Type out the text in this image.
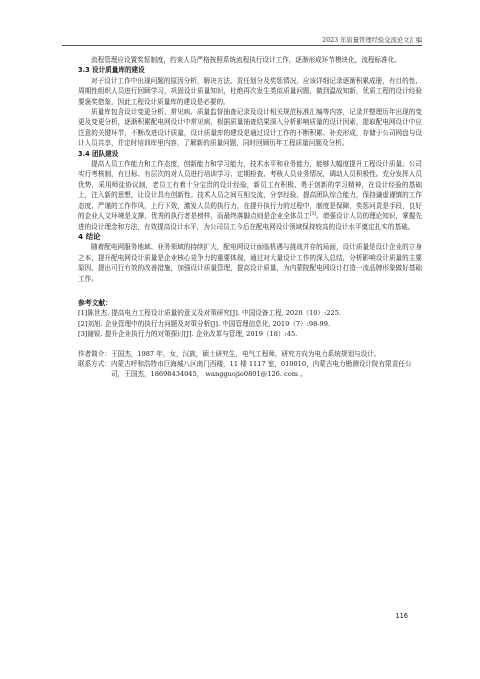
2023 年质量管理经验交流论文汇编

流程管理应设置奖惩制度，约束人员严格按照系统流程执行设计工作，逐渐形成环节模块化，流程标准化。

3.3 设计质量库的建设

对于设计工作中出现问题的原因分析，解决方法、责任划分及奖惩情况，应该详细记录逐渐积累成册，有目的性、周期性组织人员进行回顾学习，巩固设计质量知识，杜绝再次发生类似质量问题，做到温故知新，优质工程的设计经验要褒奖借鉴，因此工程设计质量库的建设是必要的。

质量库包含设计变更分析、常见病、质量监督抽查记录及设计相关规范标准汇编等内容，记录并整理历年出现的变更及变更分析，逐渐积累配电网设计中常见病，根据质量抽查结果深入分析影响质量的设计因素，提取配电网设计中应注意的关键环节，不断改进设计质量，设计质量库的建设是通过设计工作的不断积累、补充形成，存储于公司网盘与设计人员共享，并定时培训库里内容，了解新的质量问题，同时回顾历年工程质量问题及分析。

3.4 团队建设

提高人员工作能力和工作态度，创新能力和学习能力，技术水平和业务能力，能够大幅度提升工程设计质量。公司实行考核制，有目标、有层次的对人员进行培训学习、定期检查、考核人员业务情况，调动人员积极性。充分发挥人员优势，采用师徒协议制，老员工有着十分宝贵的设计经验，新员工有积极、勇于创新的学习精神，在设计经验的基础上，注入新的思想，让设计具有创新性。技术人员之间互相交流，分享经验，提高团队综合能力，保持谦虚谨慎的工作态度、严谨的工作作风，上行下效，激发人员的执行力，在提升执行力的过程中，制度是保障，奖惩问责是手段，良好的企业人文环境是支撑，优秀的执行者是榜样，而最终落脚点则是企业全体员工[3]。增强设计人员的理论知识，掌握先进的设计理念和方法，有效提高设计水平，为公司员工今后在配电网设计领域保持较高的设计水平奠定扎实的基础。

4 结论

随着配电网服务地域、业务领域的持续扩大，配电网设计面临机遇与挑战并存的局面，设计质量是设计企业的立身之本，提升配电网设计质量是企业核心竞争力的重要体现，通过对大量设计工作的深入总结，分析影响设计质量的主要原因，提出可行有效的改善措施，加强设计质量管理，提高设计质量，为内蒙院配电网设计打造一流品牌形象做好基础工作。

参考文献：

[1]陈世杰. 提高电力工程设计质量的意义及对策研究[J]. 中国设备工程, 2020（10）:225.

[2]刘旭. 企业管理中的执行力问题及对策分析[J]. 中国管理信息化, 2019（7）:98-99.

[3]谢锐. 提升企业执行力的对策探讨[J]. 企业改革与管理, 2019（18）:45.

作者简介： 王国杰，1987 年，女，汉族，硕士研究生，电气工程师，研究方向为电力系统规划与设计。
联系方式： 内蒙古呼和浩特市巨海城八区南门西楼，11 楼 1117 室，010010，内蒙古电力勘测设计院有限责任公司，王国杰，18698434045， wangguojie0801@126. com 。
116
